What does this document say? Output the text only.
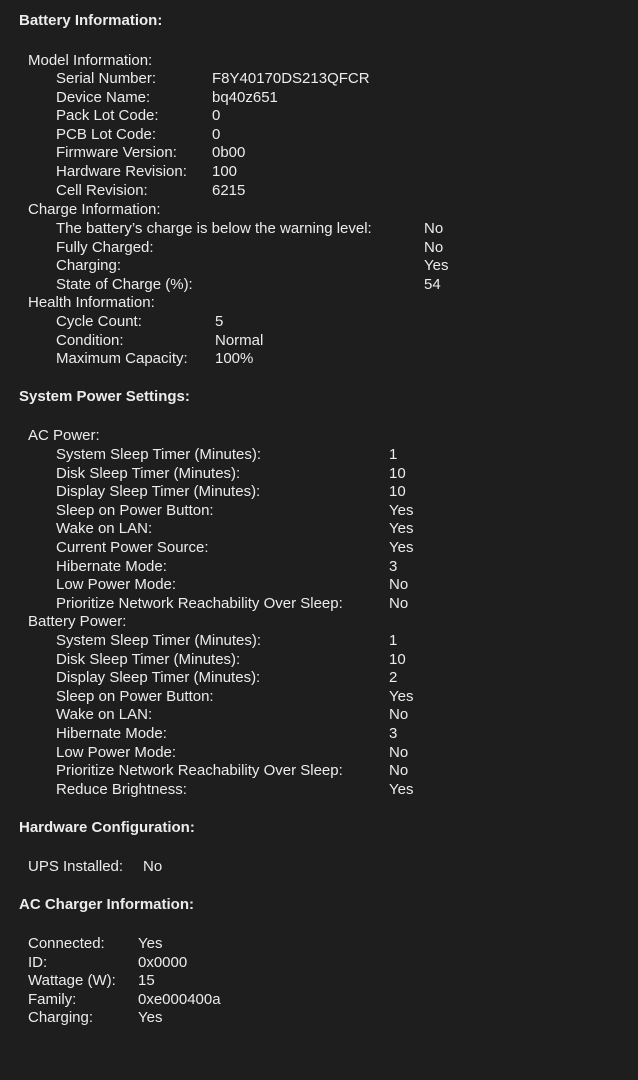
Battery Information:
Model Information:
Serial Number:	F8Y40170DS213QFCR
Device Name:	bq40z651
Pack Lot Code:	0
PCB Lot Code:	0
Firmware Version: 0b00
Hardware Revision: 100
Cell Revision:	6215
Charge Information:
The battery’s charge is below the warning level:	No
Fully Charged:	No
Charging:	Yes
State of Charge (%):	54
Health Information:
Cycle Count:	5
Condition:	Normal
Maximum Capacity: 100%
System Power Settings:
AC Power:
System Sleep Timer (Minutes):	1
Disk Sleep Timer (Minutes):	10
Display Sleep Timer (Minutes):	10
Sleep on Power Button:	Yes
Wake on LAN:	Yes
Current Power Source:	Yes
Hibernate Mode:	3
Low Power Mode:	No
Prioritize Network Reachability Over Sleep:	No
Battery Power:
System Sleep Timer (Minutes):	1
Disk Sleep Timer (Minutes):	10
Display Sleep Timer (Minutes):	2
Sleep on Power Button:	Yes
Wake on LAN:	No
Hibernate Mode:	3
Low Power Mode:	No
Prioritize Network Reachability Over Sleep:	No
Reduce Brightness:	Yes
Hardware Configuration:
UPS Installed: No
AC Charger Information:
Connected: Yes
ID:	0x0000
Wattage (W): 15
Family:	0xe000400a
Charging:	Yes
